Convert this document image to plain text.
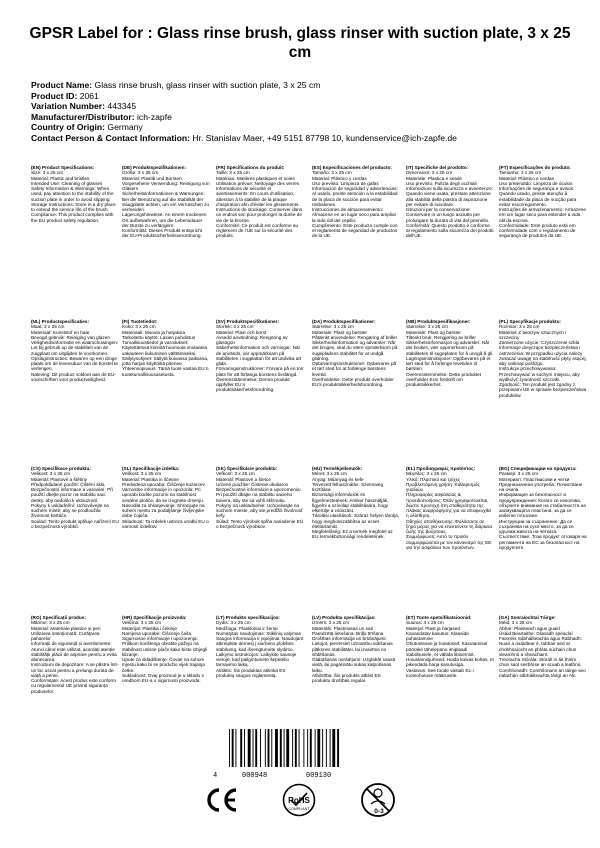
GPSR Label for : Glass rinse brush, glass rinser with suction plate, 3 x 25 cm
Product Name: Glass rinse brush, glass rinser with suction plate, 3 x 25 cm
Product ID: 2061
Variation Number: 443345
Manufacturer/Distributor: ich-zapfe
Country of Origin: Germany
Contact Person & Contact Information: Hr. Stanislav Maer, +49 5151 87798 10, kundenservice@ich-zapfe.de
(EN) Product Specifications:
Size: 3 x 25 cm
Material: Plastic and bristles
Intended Use: Cleaning of glasses
Safety Information & Warnings: When used, pay attention to the stability of the suction plate in order to avoid slipping.
Storage Instructions: Store in a dry place to extend the service life of the brush.
Compliance: This product complies with the EU product safety regulation.
(DE) Produktspezifikationen:
Größe: 3 x 25 cm
Material: Plastik und Borsten
Vorgesehene Verwendung: Reinigung von Gläsern
Sicherheitsinformationen & Warnungen: Bei der Benutzung auf die Stabilität der Saugplatte achten, um ein Verrutschen zu vermeiden.
Lagerungshinweise: An einem trockenen Ort aufbewahren, um die Lebensdauer der Bürste zu verlängern.
Konformität: Dieses Produkt entspricht der EU-Produktsicherheitsverordnung.
(FR) Spécifications du produit:
Taille: 3 x 25 cm
Matériau: Matières plastiques et soies
Utilisation prévue: Nettoyage des verres
Informations de sécurité et avertissements: En cours d'utilisation, attention à la stabilité de la plaque d'aspiration afin d'éviter les glissements.
Instructions de stockage: Conserver dans un endroit sec pour prolonger la durée de vie de la brosse.
Conformité: Ce produit est conforme au règlement de l'UE sur la sécurité des produits.
(ES) Especificaciones del producto:
Tamaño: 3 x 25 cm
Material: Plástico y cerdas
Uso previsto: Limpieza de gafas
Información de seguridad y advertencias: Al usarlo, preste atención a la estabilidad de la placa de succión para evitar resbalones.
Instrucciones de almacenamiento: Almacene en un lugar seco para ampliar la vida útil del cepillo.
Cumplimiento: Este producto cumple con el reglamento de seguridad de productos de la UE.
(IT) Specifiche del prodotto:
Dimensioni: 3 x 25 cm
Materiale: Plastica e setole
Uso previsto: Pulizia degli occhiali
Informazioni sulla sicurezza e avvertenze: Quando viene usata, prestare attenzione alla stabilità della piastra di aspirazione per evitare di scivolare.
Istruzioni per la conservazione: Conservare in un luogo asciutto per prolungare la durata di vita del pennello.
Conformità: Questo prodotto è conforme al regolamento sulla sicurezza dei prodotti dell'UE.
(PT) Especificações do produto:
Tamanho: 3 x 25 cm
Material: Plástico e cerdas
Uso pretendido: Limpeza de óculos
Informações de segurança e avisos: Quando usado, preste atenção à estabilidade da placa de sucção para evitar escorregamento.
Instruções de armazenamento: Armazene em um lugar seco para estender a vida útil da escova.
Conformidade: Este produto está em conformidade com o regulamento de segurança de produtos da UE.
(NL) Productspecificaties:
Maat: 3 x 25 cm
Materiaal: Kunststof en haar
Beoogd gebruik: Reiniging van glazen
Veiligheidsinformatie en waarschuwingen: Let bij gebruik op de stabiliteit van de zuigplaat om uitglijden te voorkomen.
Opslaginstructies: Bewaren op een droge plaats om de levensduur van de borstel te verlengen.
Naleving: Dit product voldoet aan de EU-voorschriften voor productveiligheid.
(FI) Tuotetiedot:
Koko: 3 x 25 cm
Materiaali: Muovia ja harjaksia
Tarkoitettu käyttö: Lasien puhdistus
Turvallisuustiedot ja varoitukset: Käytettäessä kiinnitä huomiota imulaatan vakauteen liukumisen välttämiseksi.
Säilytysohjeet: Säilytä kuivassa paikassa, jotta harjan käyttöikä pitenee.
Yhteensopivuus: Tämä tuote vastaa EU:n tuoteturvallisuusasetusta.
(SV) Produktspecifikationer:
Storlek: 3 x 25 cm
Material: Plast och borst
Avsedd användning: Rengöring av glasögon
Säkerhetsinformation och varningar: När de används, var uppmärksam på stabiliteten i sugplattan för att undvika att glida.
Förvaringsinstruktioner: Förvara på en torr plats för att förlänga borstens livslängd.
Överensstämmelse: Denna produkt uppfyller EU:s produktsäkerhetsförordning.
(DA) Produktspecifikationer:
Størrelse: 3 x 25 cm
Materiale: Plast og børster
Påtænkt anvendelse: Rengøring af briller
Sikkerhedsinformation og advarsler: Når det bruges, skal du være opmærksom på sugepladens stabilitet for at undgå glidning.
Opbevaringsinstruktioner: Opbevares på et tørt sted for at forlænge børstens levetid.
Overholdelse: Dette produkt overholder EU's produktsikkerhedsforordning.
(NB) Produktspesifikasjoner:
Størrelse: 3 x 25 cm
Materiale: Plast og børster
Tiltenkt bruk: Rengjøring av briller
Sikkerhetsinformasjon og advarsler: Når det brukes, vær oppmerksom på stabiliteten til sugeplaten for å unngå å gli.
Lagringsinstruksjoner: Oppbevares på et tørt sted for å forlenge levetiden til børsten.
Overensstemmelse: Dette produktet overholder EUs forskrift om produktsikkerhet.
(PL) Specyfikacje produktu:
Rozmiar: 3 x 25 cm
Materiał: Z tworzyw sztucznych i szczeciny
Zamierzone użycie: Czyszczenie szkła
Informacje dotyczące bezpieczeństwa i ostrzeżenia: W przypadku użycia należy zwracać uwagę na stabilność płyty ssącej, aby uniknąć poślizgu.
Instrukcje przechowywania: Przechowywać w suchym miejscu, aby wydłużyć żywotność szczotki.
Zgodność: Ten produkt jest zgodny z przepisami UE w sprawie bezpieczeństwa produktów.
(CS) Specifikace produktu:
Velikost: 3 x 25 cm
Materiál: Plastové a štětiny
Předpokládané použití: Čištění skla
Bezpečnostní informace a varování: Při použití dbejte pozor na stabilitu sací desky, aby nedošlo k uklouznutí.
Pokyny k uskladnění: Uchovávejte na suchém místě, aby se prodloužila životnost kartáče.
Soulad: Tento produkt splňuje nařízení EU o bezpečnosti výrobků.
(SL) Specifikacije izdelka:
Velikost: 3 x 25 cm
Material: Plastika in ščetine
Predvidena uporaba: Čiščenje kozarcev
Varnostne informacije in opozorila: Pri uporabi bodite pozorni na stabilnost sesalne plošče, da se izognete drsenju.
Navodila za shranjevanje: Shranjujte na suhem mestu za podaljšanje življenjske dobe čopiča.
Skladnost: Ta izdelek ustreza uredbi EU o varnosti izdelkov.
(SK) Špecifikácie produktu:
Veľkosť: 3 x 25 cm
Materiál: Plastové a štetce
Určené použitie: Čistenie okuliarov
Bezpečnostné informácie a upozornenia: Pri použití dbajte na stabilitu sacieho taniera, aby ste sa vyhli skĺznutiu.
Pokyny na uskladnenie: Uchovávajte na suchom mieste, aby ste predĺžili životnosť kefy.
Súlad: Tento výrobok spĺňa nariadenie EÚ o bezpečnosti výrobkov.
(HU) Termékjellemzők:
Méret: 3 x 25 cm
Anyag: Műanyag és kefe
Tervezett felhasználás: Szemüveg tisztítása
Biztonsági információk és figyelmeztetések: Amikor használják, figyelni a szívólap stabilitására, hogy elkerülje a csúszást.
Tárolási utasítások: Száraz helyen tárolja, hogy meghosszabbítsa az ecset élettartamát.
Megfelelőség: Ez a termék megfelel az EU termékbiztonsági rendeletének.
(EL) Προδιαγραφές προϊόντος:
Μέγεθος: 3 x 25 cm
Υλικό: Πλαστικό και τρίχες
Προβλεπόμενη χρήση: Καθαρισμός γυαλιών
Πληροφορίες ασφάλειας & προειδοποιήσεις: Όταν χρησιμοποιείται, δώστε προσοχή στη σταθερότητα της πλάκας αναρρόφησης για να αποφευχθεί η ολίσθηση.
Οδηγίες αποθήκευσης: Φυλάσσετε σε ξηρό μέρος για να επεκτείνετε τη διάρκεια ζωής της βούρτσας.
Συμμόρφωση: Αυτό το προϊόν συμμορφώνεται με τον κανονισμό της ΕΕ για την ασφάλεια των προϊόντων.
(BG) Спецификации на продукта:
Размер: 3 x 25 cm
Материал: Пластмасови и четки
Предназначена употреба: Почистване на очила
Информация за безопасност и предупреждения: Когато се използва, обърнете внимание на стабилността на засмукващата пластина, за да се избегне плъзгане.
Инструкции за съхранение: Да се съхранява на сухо място, за да се удължи живота на четката.
Съответствие: Този продукт отговаря на регламента на ЕС за безопасност на продуктите.
(RO) Specificații produs:
Mărime: 3 x 25 cm
Material: Materiale plastice și peri
Utilizarea intenționată: Curățarea paharelor
Informații de siguranță și avertismente: Atunci când este utilizat, acordați atenție stabilității plăcii de aspirare pentru a evita alunecarea.
Instrucțiuni de depozitare: A se păstra într-un loc uscat pentru a prelungi durata de viață a periei.
Conformitate: Acest produs este conform cu regulamentul UE privind siguranța produselor.
(HR) Specifikacije proizvoda:
Veličina: 3 x 25 cm
Materijal: Plastika i čekinje
Namjena uporabe: Čišćenje čaša
Sigurnosne informacije i upozorenja: Prilikom korištenja obratite pažnju na stabilnost usisne ploče kako biste izbjegli klizanje.
Upute za skladištenje: Čuvati na suhom mjestu kako bi se produžio vijek trajanja četke.
Sukladnost: Ovaj proizvod je u skladu s uredbom EU-a o sigurnosti proizvoda.
(LT) Produkto specifikacijos:
Dydis: 3 x 25 cm
Medžiaga: Plastikiniai ir šeriai
Numatytas naudojimas: Stiklinių valymas
Saugos informacija ir įspėjimai: Naudojant atkreipkite dėmesį į siurbimo plokštės stabilumą, kad išvengtumėte slydimo.
Laikymo instrukcijos: Laikykite sausoje vietoje, kad pailgintumėte šepetėlio tarnavimo laiką.
Atitiktis: Šis produktas atitinka ES produktų saugos reglamentą.
(LV) Produkta specifikācijas:
Izmērs: 3 x 25 cm
Materiāls: Plastmasas un sari
Paredzētā lietošana: Brilļu tīrīšana
Drošības informācija un brīdinājumi: Lietojot, pievērsiet uzmanību sūkšanas plāksnes stabilitātei, lai izvairītos no slīdēšanas.
Glabāšanas norādījumi: Uzglabāt sausā vietā, lai pagarinātu sukas kalpošanas laiku.
Atbilstība: Šis produkts atbilst ES produktu drošības regulai.
(ET) Toote spetsifikatsioonid:
Suurus: 3 x 25 cm
Materjal: Plast ja harjased
Kavandatav kasutus: Klaaside puhastamine
Ohutusteave ja hoiatused: Kasutamisel pöörake tähelepanu imiplaadi stabiilsusele, et vältida libisemist.
Hoiustamisjuhised: Hoida kuivas kohas, et pikendada harja kasutusiga.
Vastavus: See toode vastab EL-i tooteohutuse määrusele.
(GA) Sonraíochtaí Táirge:
Méid: 3 x 25 cm
Ábhar: Plaisteach agus guairí
Úsáid Beartaithe: Glanadh spéaclaí
Faisnéis Sábháilteachta agus Rabhadh: Nuair a úsáidtear é, tabhair aird ar chobhsaíocht an phláta súchain chun sleamhnú a sheachaint.
Treoracha Stórála: Stóráil in áit thirim chun saol seirbhíse an scuab a leathnú.
Comhlíonadh: Comhlíonann an táirge seo rialachán sábháilteachta táirgí an AE.
4	000948	009130
RoHS
COMPLIANT	0-3
